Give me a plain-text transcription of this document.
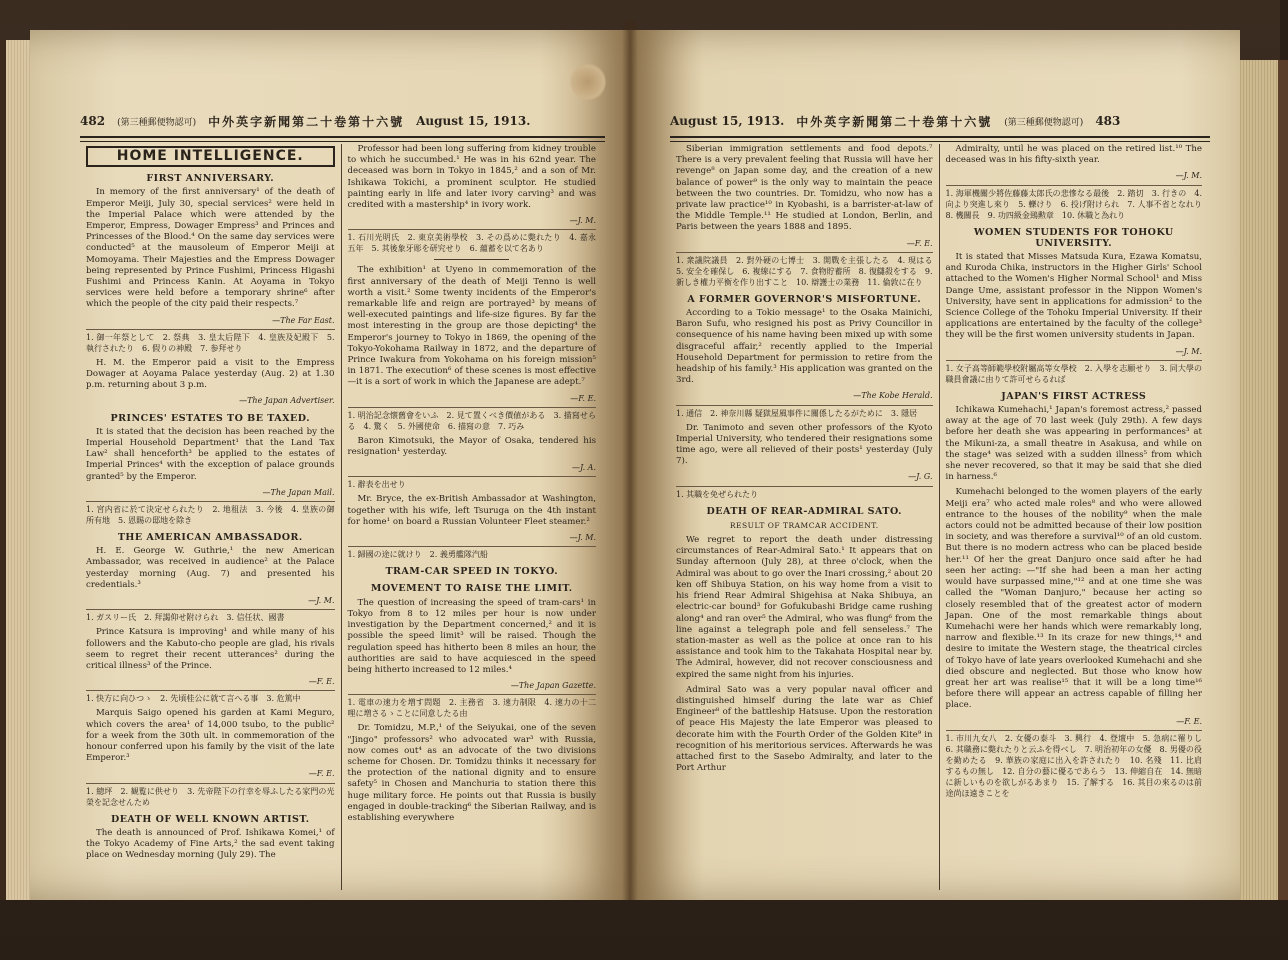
482 (第三種郵便物認可) 中外英字新聞第二十卷第十六號 August 15, 1913.
HOME INTELLIGENCE.
FIRST ANNIVERSARY.

In memory of the first anniversary¹ of the death of Emperor Meiji, July 30, special services² were held in the Imperial Palace which were attended by the Emperor, Empress, Dowager Empress³ and Princes and Princesses of the Blood.⁴ On the same day services were conducted⁵ at the mausoleum of Emperor Meiji at Momoyama. Their Majesties and the Empress Dowager being represented by Prince Fushimi, Princess Higashi Fushimi and Princess Kanin. At Aoyama in Tokyo services were held before a temporary shrine⁶ after which the people of the city paid their respects.⁷

—The Far East.
1. 御一年祭として　2. 祭典　3. 皇太后陛下　4. 皇族及妃殿下　5. 執行されたり　6. 假りの神殿　7. 参拜せり

H. M. the Emperor paid a visit to the Empress Dowager at Aoyama Palace yesterday (Aug. 2) at 1.30 p.m. returning about 3 p.m.

—The Japan Advertiser.
PRINCES' ESTATES TO BE TAXED.

It is stated that the decision has been reached by the Imperial Household Department¹ that the Land Tax Law² shall henceforth³ be applied to the estates of Imperial Princes⁴ with the exception of palace grounds granted⁵ by the Emperor.

—The Japan Mail.
1. 宮内省に於て決定せられたり　2. 地租法　3. 今後　4. 皇族の御所有地　5. 恩賜の邸地を除き
THE AMERICAN AMBASSADOR.

H. E. George W. Guthrie,¹ the new American Ambassador, was received in audience² at the Palace yesterday morning (Aug. 7) and presented his credentials.³

—J. M.
1. ガスリー氏　2. 拜謁仰せ附けられ　3. 信任状、國書

Prince Katsura is improving¹ and while many of his followers and the Kabuto-cho people are glad, his rivals seem to regret their recent utterances² during the critical illness³ of the Prince.

—F. E.
1. 快方に向ひつゝ　2. 先頃桂公に就て言へる事　3. 危篤中

Marquis Saigo opened his garden at Kami Meguro, which covers the area¹ of 14,000 tsubo, to the public² for a week from the 30th ult. in commemoration of the honour conferred upon his family by the visit of the late Emperor.³

—F. E.
1. 總坪　2. 観覧に供せり　3. 先帝陛下の行幸を辱ふしたる家門の光榮を記念せんため
DEATH OF WELL KNOWN ARTIST.

The death is announced of Prof. Ishikawa Komei,¹ of the Tokyo Academy of Fine Arts,² the sad event taking place on Wednesday morning (July 29). The

Professor had been long suffering from kidney trouble to which he succumbed.¹ He was in his 62nd year. The deceased was born in Tokyo in 1845,² and a son of Mr. Ishikawa Tokichi, a prominent sculptor. He studied painting early in life and later ivory carving³ and was credited with a mastership⁴ in ivory work.

—J. M.
1. 石川光明氏　2. 東京美術學校　3. その爲めに斃れたり　4. 嘉永五年　5. 其後象牙彫を研究せり　6. 蘊蓄を以て名あり

The exhibition¹ at Uyeno in commemoration of the first anniversary of the death of Meiji Tenno is well worth a visit.² Some twenty incidents of the Emperor's remarkable life and reign are portrayed³ by means of well-executed paintings and life-size figures. By far the most interesting in the group are those depicting⁴ the Emperor's journey to Tokyo in 1869, the opening of the Tokyo-Yokohama Railway in 1872, and the departure of Prince Iwakura from Yokohama on his foreign mission⁵ in 1871. The execution⁶ of these scenes is most effective—it is a sort of work in which the Japanese are adept.⁷

—F. E.
1. 明治記念懐舊會をいふ　2. 見て置くべき價値がある　3. 描寫せらる　4. 驚く　5. 外國使命　6. 描寫の意　7. 巧み

Baron Kimotsuki, the Mayor of Osaka, tendered his resignation¹ yesterday.

—J. A.
1. 辭表を出せり

Mr. Bryce, the ex-British Ambassador at Washington, together with his wife, left Tsuruga on the 4th instant for home¹ on board a Russian Volunteer Fleet steamer.²

—J. M.
1. 歸國の途に就けり　2. 義勇艦隊汽船
TRAM-CAR SPEED IN TOKYO.
MOVEMENT TO RAISE THE LIMIT.

The question of increasing the speed of tram-cars¹ in Tokyo from 8 to 12 miles per hour is now under investigation by the Department concerned,² and it is possible the speed limit³ will be raised. Though the regulation speed has hitherto been 8 miles an hour, the authorities are said to have acquiesced in the speed being hitherto increased to 12 miles.⁴

—The Japan Gazette.
1. 電車の速力を増す問題　2. 主務省　3. 速力制限　4. 速力の十二哩に増さるゝことに同意したる由

Dr. Tomidzu, M.P.,¹ of the Seiyukai, one of the seven "Jingo" professors² who advocated war³ with Russia, now comes out⁴ as an advocate of the two divisions scheme for Chosen. Dr. Tomidzu thinks it necessary for the protection of the national dignity and to ensure safety⁵ in Chosen and Manchuria to station there this huge military force. He points out that Russia is busily engaged in double-tracking⁶ the Siberian Railway, and is establishing everywhere

August 15, 1913. 中外英字新聞第二十卷第十六號 (第三種郵便物認可) 483

Siberian immigration settlements and food depots.⁷ There is a very prevalent feeling that Russia will have her revenge⁸ on Japan some day, and the creation of a new balance of power⁹ is the only way to maintain the peace between the two countries. Dr. Tomidzu, who now has a private law practice¹⁰ in Kyobashi, is a barrister-at-law of the Middle Temple.¹¹ He studied at London, Berlin, and Paris between the years 1888 and 1895.

—F. E.
1. 衆議院議員　2. 對外硬の七博士　3. 開戰を主張したる　4. 現はる　5. 安全を確保し　6. 複線にする　7. 食物貯蓄所　8. 復讎殺をする　9. 新しき權力平衡を作り出すこと　10. 辯護士の業務　11. 倫敦に在り
A FORMER GOVERNOR'S MISFORTUNE.

According to a Tokio message¹ to the Osaka Mainichi, Baron Sufu, who resigned his post as Privy Councillor in consequence of his name having been mixed up with some disgraceful affair,² recently applied to the Imperial Household Department for permission to retire from the headship of his family.³ His application was granted on the 3rd.

—The Kobe Herald.
1. 通信　2. 神奈川縣 疑獄屋風事件に關係したるがために　3. 隱居

Dr. Tanimoto and seven other professors of the Kyoto Imperial University, who tendered their resignations some time ago, were all relieved of their posts¹ yesterday (July 7).

—J. G.
1. 其職を免ぜられたり
DEATH OF REAR-ADMIRAL SATO.
RESULT OF TRAMCAR ACCIDENT.

We regret to report the death under distressing circumstances of Rear-Admiral Sato.¹ It appears that on Sunday afternoon (July 28), at three o'clock, when the Admiral was about to go over the Inari crossing,² about 20 ken off Shibuya Station, on his way home from a visit to his friend Rear Admiral Shigehisa at Naka Shibuya, an electric-car bound³ for Gofukubashi Bridge came rushing along⁴ and ran over⁵ the Admiral, who was flung⁶ from the line against a telegraph pole and fell senseless.⁷ The station-master as well as the police at once ran to his assistance and took him to the Takahata Hospital near by. The Admiral, however, did not recover consciousness and expired the same night from his injuries.

Admiral Sato was a very popular naval officer and distinguished himself during the late war as Chief Engineer⁸ of the battleship Hatsuse. Upon the restoration of peace His Majesty the late Emperor was pleased to decorate him with the Fourth Order of the Golden Kite⁹ in recognition of his meritorious services. Afterwards he was attached first to the Sasebo Admiralty, and later to the Port Arthur

Admiralty, until he was placed on the retired list.¹⁰ The deceased was in his fifty-sixth year.

—J. M.
1. 海軍機關少將佐藤藤太郎氏の悲慘なる最後　2. 踏切　3. 行きの　4. 向より突進し來り　5. 轢けり　6. 投げ附けられ　7. 人事不省となれり　8. 機關長　9. 功四級金鵄勲章　10. 休職と為れり
WOMEN STUDENTS FOR TOHOKU UNIVERSITY.

It is stated that Misses Matsuda Kura, Ezawa Komatsu, and Kuroda Chika, instructors in the Higher Girls' School attached to the Women's Higher Normal School¹ and Miss Dange Ume, assistant professor in the Nippon Women's University, have sent in applications for admission² to the Science College of the Tohoku Imperial University. If their applications are entertained by the faculty of the college³ they will be the first women university students in Japan.

—J. M.
1. 女子高等師範學校附屬高等女學校　2. 入學を志願せり　3. 同大學の職員會議に由りて許可せらるれば
JAPAN'S FIRST ACTRESS

Ichikawa Kumehachi,¹ Japan's foremost actress,² passed away at the age of 70 last week (July 29th). A few days before her death she was appearing in performances³ at the Mikuni-za, a small theatre in Asakusa, and while on the stage⁴ was seized with a sudden illness⁵ from which she never recovered, so that it may be said that she died in harness.⁶

Kumehachi belonged to the women players of the early Meiji era⁷ who acted male roles⁸ and who were allowed entrance to the houses of the nobility⁹ when the male actors could not be admitted because of their low position in society, and was therefore a survival¹⁰ of an old custom. But there is no modern actress who can be placed beside her.¹¹ Of her the great Danjuro once said after he had seen her acting: —"If she had been a man her acting would have surpassed mine,"¹² and at one time she was called the "Woman Danjuro," because her acting so closely resembled that of the greatest actor of modern Japan. One of the most remarkable things about Kumehachi were her hands which were remarkably long, narrow and flexible.¹³ In its craze for new things,¹⁴ and desire to imitate the Western stage, the theatrical circles of Tokyo have of late years overlooked Kumehachi and she died obscure and neglected. But those who know how great her art was realise¹⁵ that it will be a long time¹⁶ before there will appear an actress capable of filling her place.

—F. E.
1. 市川九女八　2. 女優の泰斗　3. 興行　4. 登壇中　5. 急病に罹りし　6. 其職務に斃れたりと云ふを得べし　7. 明治初年の女優　8. 男優の役を勤めたる　9. 華族の家庭に出入を許されたり　10. 名殘　11. 比肩するもの無し　12. 自分の藝に優るであらう　13. 伸縮自在　14. 無暗に新しいものを欲しがるあまり　15. 了解する　16. 其目の來るのは前途尚ほ遠きことを
